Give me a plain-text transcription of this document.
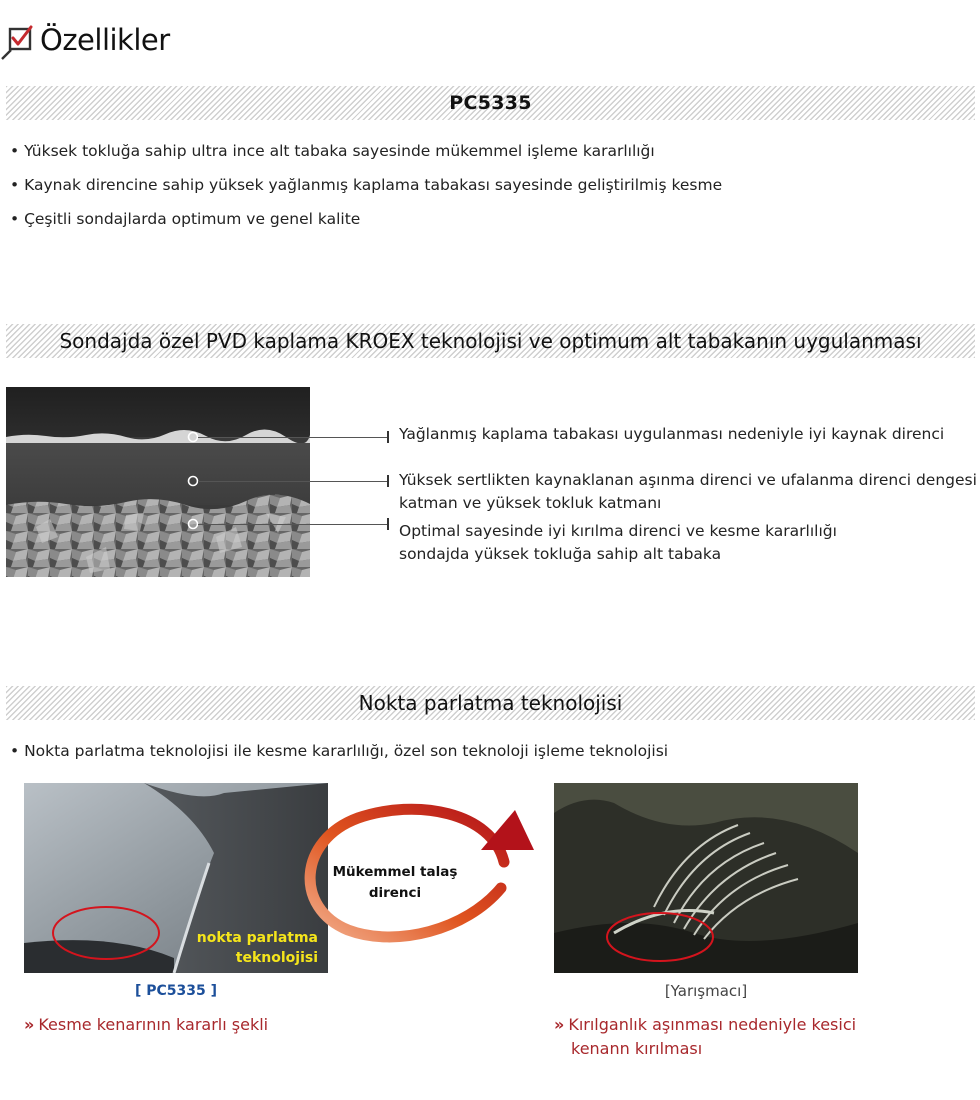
Özellikler
PC5335
• Yüksek tokluğa sahip ultra ince alt tabaka sayesinde mükemmel işleme kararlılığı
• Kaynak direncine sahip yüksek yağlanmış kaplama tabakası sayesinde geliştirilmiş kesme
• Çeşitli sondajlarda optimum ve genel kalite
Sondajda özel PVD kaplama KROEX teknolojisi ve optimum alt tabakanın uygulanması
Yağlanmış kaplama tabakası uygulanması nedeniyle iyi kaynak direnci
Yüksek sertlikten kaynaklanan aşınma direnci ve ufalanma direnci dengesi
katman ve yüksek tokluk katmanı
Optimal sayesinde iyi kırılma direnci ve kesme kararlılığı
sondajda yüksek tokluğa sahip alt tabaka
Nokta parlatma teknolojisi
• Nokta parlatma teknolojisi ile kesme kararlılığı, özel son teknoloji işleme teknolojisi
nokta parlatma
teknolojisi
[ PC5335 ]
» Kesme kenarının kararlı şekli
Mükemmel talaş
direnci
[Yarışmacı]
» Kırılganlık aşınması nedeniyle kesici
kenann kırılması
